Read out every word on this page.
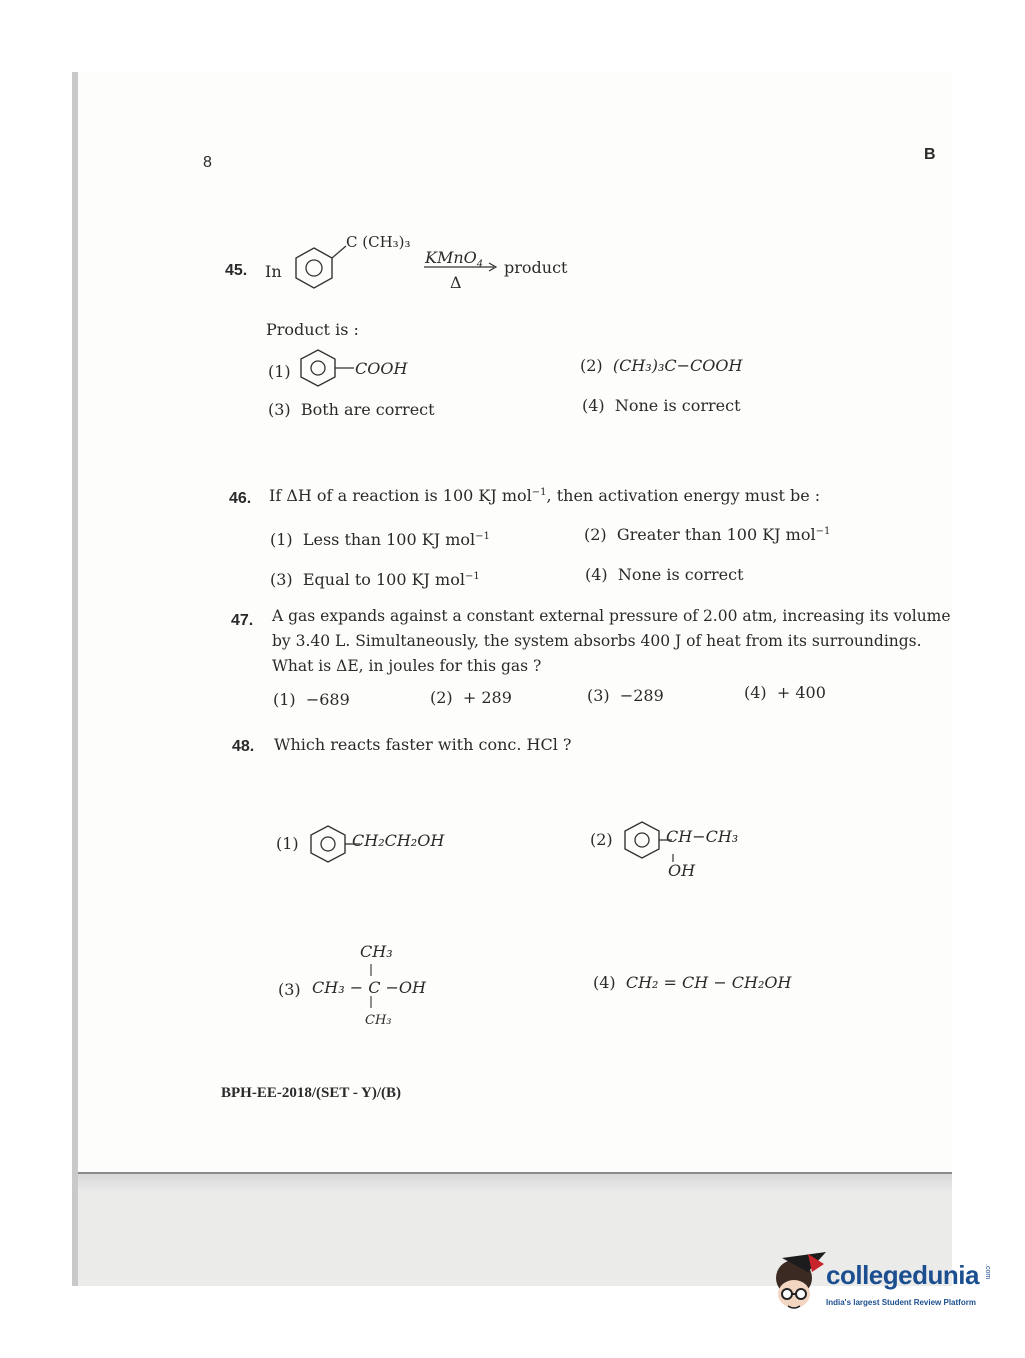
8	B
45. In
C (CH₃)₃
KMnO$_4$
Δ
product
Product is :
(1)	COOH	(2) (CH₃)₃C−COOH
(3) Both are correct	(4) None is correct
46. If ΔH of a reaction is 100 KJ mol$^{-1}$, then activation energy must be :
(1) Less than 100 KJ mol$^{-1}$	(2) Greater than 100 KJ mol$^{-1}$
(3) Equal to 100 KJ mol$^{-1}$	(4) None is correct
47. A gas expands against a constant external pressure of 2.00 atm, increasing its volume
by 3.40 L. Simultaneously, the system absorbs 400 J of heat from its surroundings.
What is ΔE, in joules for this gas ?
(1) −689	(2) + 289	(3) −289	(4) + 400
48. Which reacts faster with conc. HCl ?
(1)	CH₂CH₂OH	(2)	CH−CH₃
OH
CH₃
(3) CH₃ − C −OH
CH₃
(4) CH₂ = CH − CH₂OH
BPH-EE-2018/(SET - Y)/(B)
collegedunia .com
India's largest Student Review Platform
